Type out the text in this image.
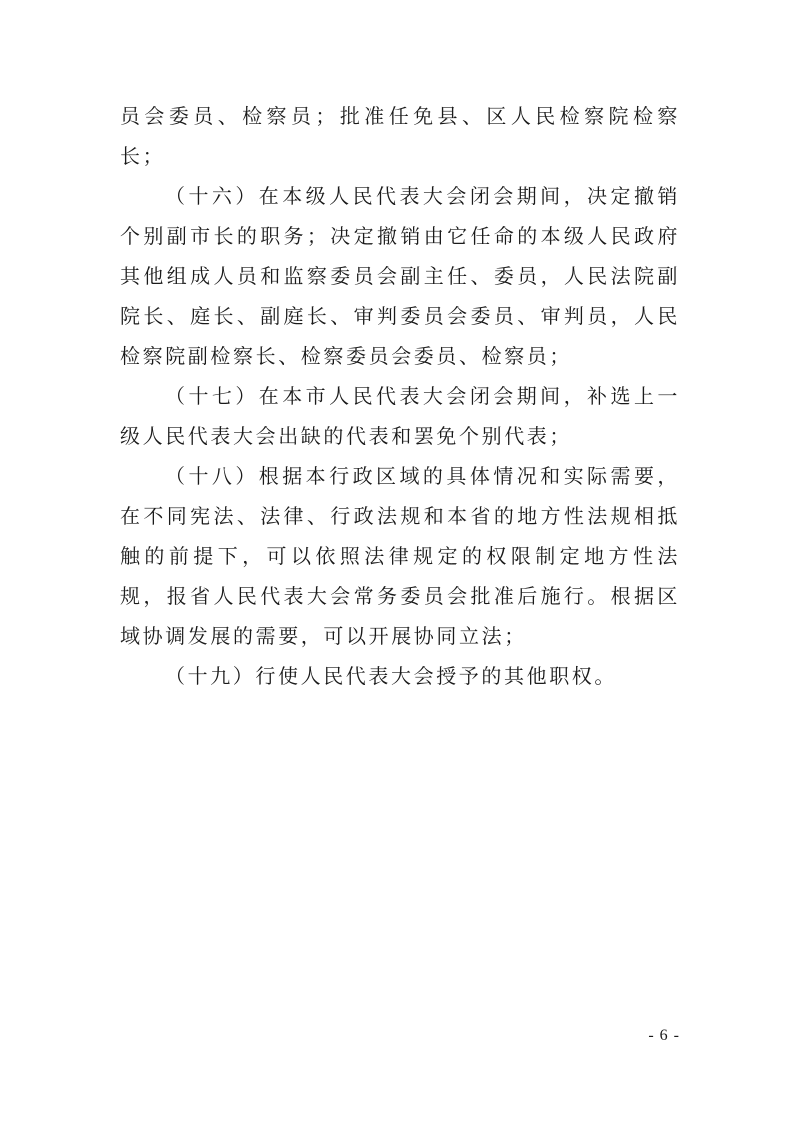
员会委员、检察员；批准任免县、区人民检察院检察长；

（十六）在本级人民代表大会闭会期间，决定撤销个别副市长的职务；决定撤销由它任命的本级人民政府其他组成人员和监察委员会副主任、委员，人民法院副院长、庭长、副庭长、审判委员会委员、审判员，人民检察院副检察长、检察委员会委员、检察员；

（十七）在本市人民代表大会闭会期间，补选上一级人民代表大会出缺的代表和罢免个别代表；

（十八）根据本行政区域的具体情况和实际需要，在不同宪法、法律、行政法规和本省的地方性法规相抵触的前提下，可以依照法律规定的权限制定地方性法规，报省人民代表大会常务委员会批准后施行。根据区域协调发展的需要，可以开展协同立法；

（十九）行使人民代表大会授予的其他职权。

- 6 -
